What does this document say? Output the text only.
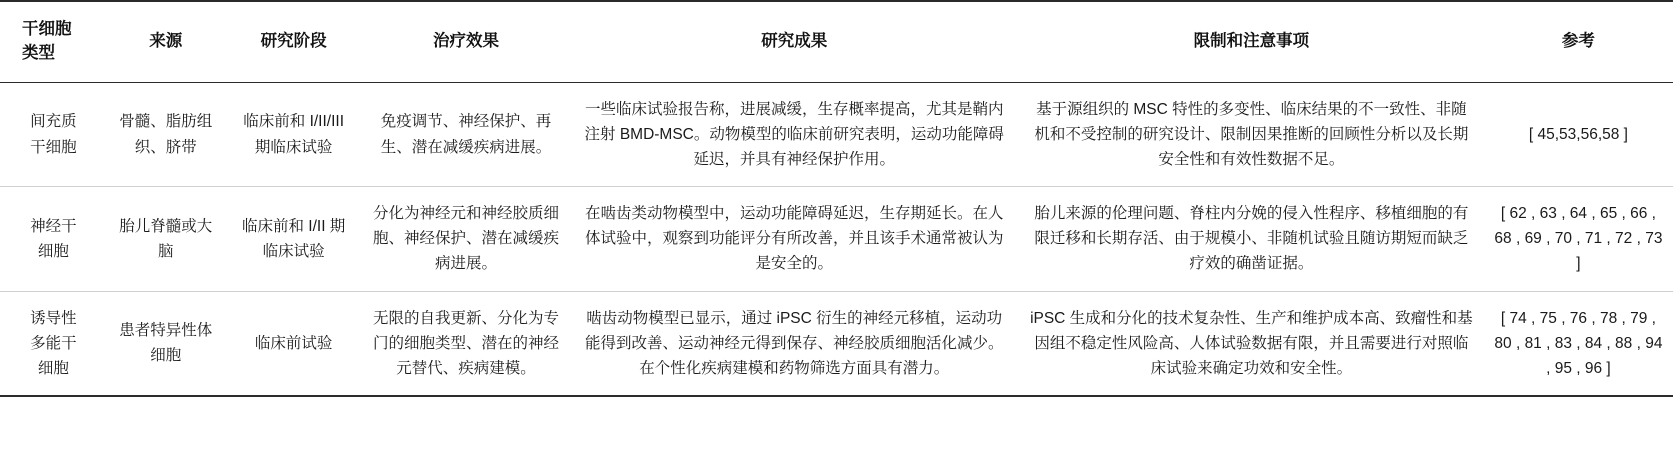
干细胞
类型	来源	研究阶段	治疗效果	研究成果	限制和注意事项	参考

间充质
干细胞	骨髓、脂肪组织、脐带	临床前和 I/II/III 期临床试验	免疫调节、神经保护、再生、潜在减缓疾病进展。	一些临床试验报告称，进展减缓，生存概率提高，尤其是鞘内注射 BMD-MSC。动物模型的临床前研究表明，运动功能障碍延迟，并具有神经保护作用。	基于源组织的 MSC 特性的多变性、临床结果的不一致性、非随机和不受控制的研究设计、限制因果推断的回顾性分析以及长期安全性和有效性数据不足。	[ 45,53,56,58 ]

神经干
细胞	胎儿脊髓或大脑	临床前和 I/II 期临床试验	分化为神经元和神经胶质细胞、神经保护、潜在减缓疾病进展。	在啮齿类动物模型中，运动功能障碍延迟，生存期延长。在人体试验中，观察到功能评分有所改善，并且该手术通常被认为是安全的。	胎儿来源的伦理问题、脊柱内分娩的侵入性程序、移植细胞的有限迁移和长期存活、由于规模小、非随机试验且随访期短而缺乏疗效的确凿证据。	[ 62 , 63 , 64 , 65 , 66 , 68 , 69 , 70 , 71 , 72 , 73 ]

诱导性
多能干
细胞	患者特异性体细胞	临床前试验	无限的自我更新、分化为专门的细胞类型、潜在的神经元替代、疾病建模。	啮齿动物模型已显示，通过 iPSC 衍生的神经元移植，运动功能得到改善、运动神经元得到保存、神经胶质细胞活化减少。在个性化疾病建模和药物筛选方面具有潜力。	iPSC 生成和分化的技术复杂性、生产和维护成本高、致瘤性和基因组不稳定性风险高、人体试验数据有限，并且需要进行对照临床试验来确定功效和安全性。	[ 74 , 75 , 76 , 78 , 79 , 80 , 81 , 83 , 84 , 88 , 94 , 95 , 96 ]
